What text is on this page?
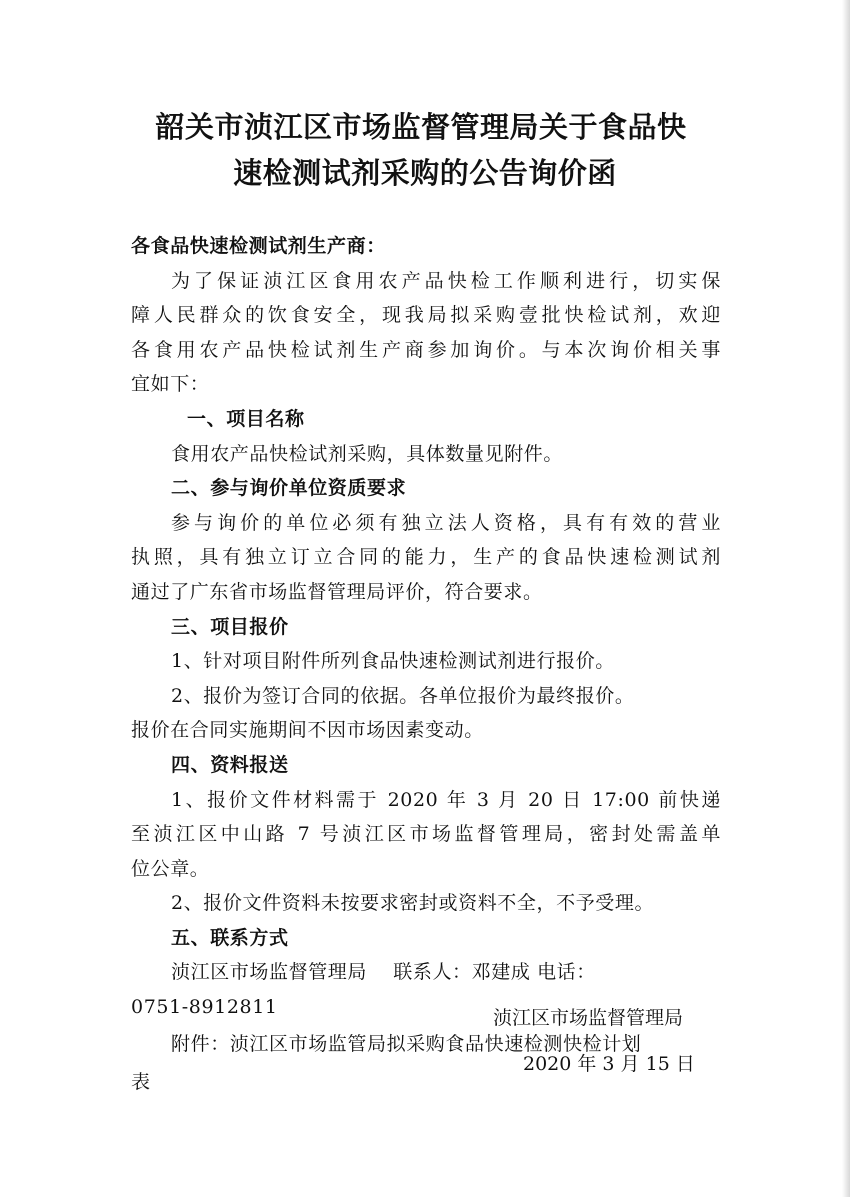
韶关市浈江区市场监督管理局关于食品快
速检测试剂采购的公告询价函
各食品快速检测试剂生产商：
为了保证浈江区食用农产品快检工作顺利进行，切实保
障人民群众的饮食安全，现我局拟采购壹批快检试剂，欢迎
各食用农产品快检试剂生产商参加询价。与本次询价相关事
宜如下：
一、项目名称
食用农产品快检试剂采购，具体数量见附件。
二、参与询价单位资质要求
参与询价的单位必须有独立法人资格，具有有效的营业
执照，具有独立订立合同的能力，生产的食品快速检测试剂
通过了广东省市场监督管理局评价，符合要求。
三、项目报价
1、针对项目附件所列食品快速检测试剂进行报价。
2、报价为签订合同的依据。各单位报价为最终报价。
报价在合同实施期间不因市场因素变动。
四、资料报送
1、报价文件材料需于 2020 年 3 月 20 日 17:00 前快递
至浈江区中山路 7 号浈江区市场监督管理局，密封处需盖单
位公章。
2、报价文件资料未按要求密封或资料不全，不予受理。
五、联系方式
浈江区市场监督管理局　 联系人：邓建成 电话：
0751-8912811
附件：浈江区市场监管局拟采购食品快速检测快检计划
表
浈江区市场监督管理局
2020 年 3 月 15 日
